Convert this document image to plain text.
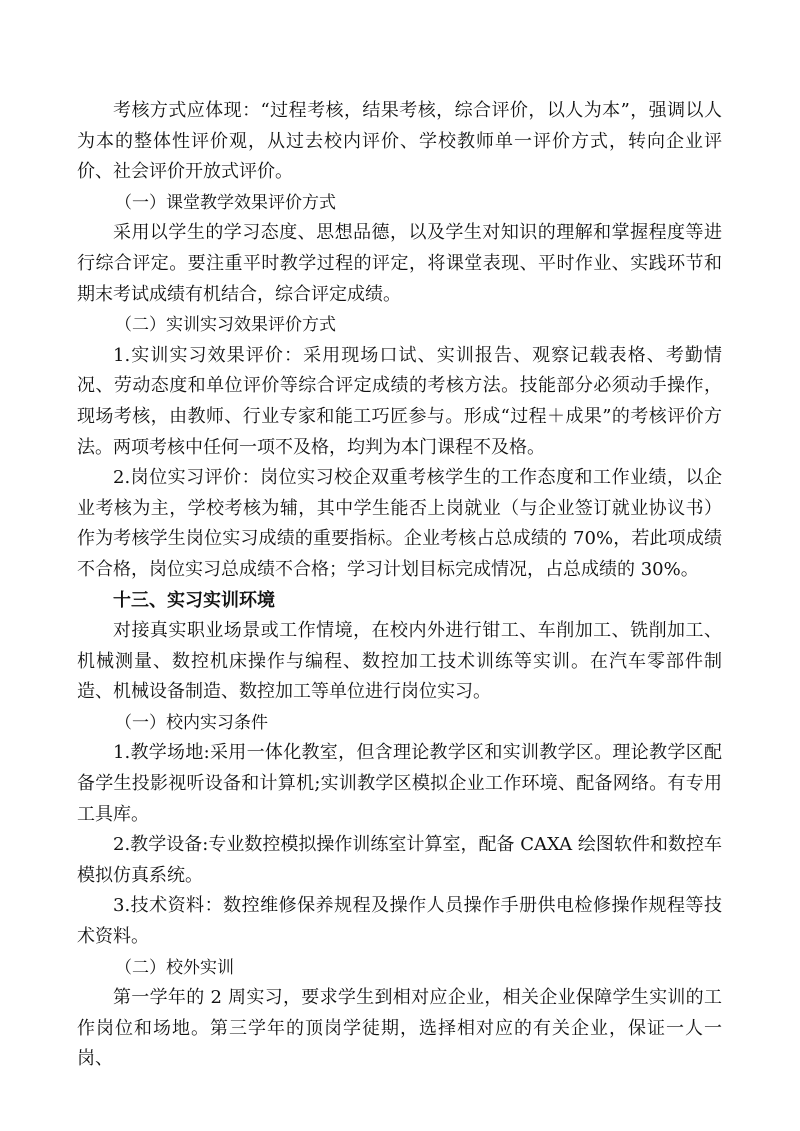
考核方式应体现：“过程考核，结果考核，综合评价，以人为本”，强调以人为本的整体性评价观，从过去校内评价、学校教师单一评价方式，转向企业评价、社会评价开放式评价。

（一）课堂教学效果评价方式

采用以学生的学习态度、思想品德，以及学生对知识的理解和掌握程度等进行综合评定。要注重平时教学过程的评定，将课堂表现、平时作业、实践环节和期末考试成绩有机结合，综合评定成绩。

（二）实训实习效果评价方式

1.实训实习效果评价：采用现场口试、实训报告、观察记载表格、考勤情况、劳动态度和单位评价等综合评定成绩的考核方法。技能部分必须动手操作，现场考核，由教师、行业专家和能工巧匠参与。形成“过程＋成果”的考核评价方法。两项考核中任何一项不及格，均判为本门课程不及格。

2.岗位实习评价：岗位实习校企双重考核学生的工作态度和工作业绩，以企业考核为主，学校考核为辅，其中学生能否上岗就业（与企业签订就业协议书）作为考核学生岗位实习成绩的重要指标。企业考核占总成绩的 70%，若此项成绩不合格，岗位实习总成绩不合格；学习计划目标完成情况，占总成绩的 30%。

十三、实习实训环境

对接真实职业场景或工作情境，在校内外进行钳工、车削加工、铣削加工、机械测量、数控机床操作与编程、数控加工技术训练等实训。在汽车零部件制造、机械设备制造、数控加工等单位进行岗位实习。

（一）校内实习条件

1.教学场地:采用一体化教室，但含理论教学区和实训教学区。理论教学区配备学生投影视听设备和计算机;实训教学区模拟企业工作环境、配备网络。有专用工具库。

2.教学设备:专业数控模拟操作训练室计算室，配备 CAXA 绘图软件和数控车模拟仿真系统。

3.技术资料：数控维修保养规程及操作人员操作手册供电检修操作规程等技术资料。

（二）校外实训

第一学年的 2 周实习，要求学生到相对应企业，相关企业保障学生实训的工作岗位和场地。第三学年的顶岗学徒期，选择相对应的有关企业，保证一人一岗、
